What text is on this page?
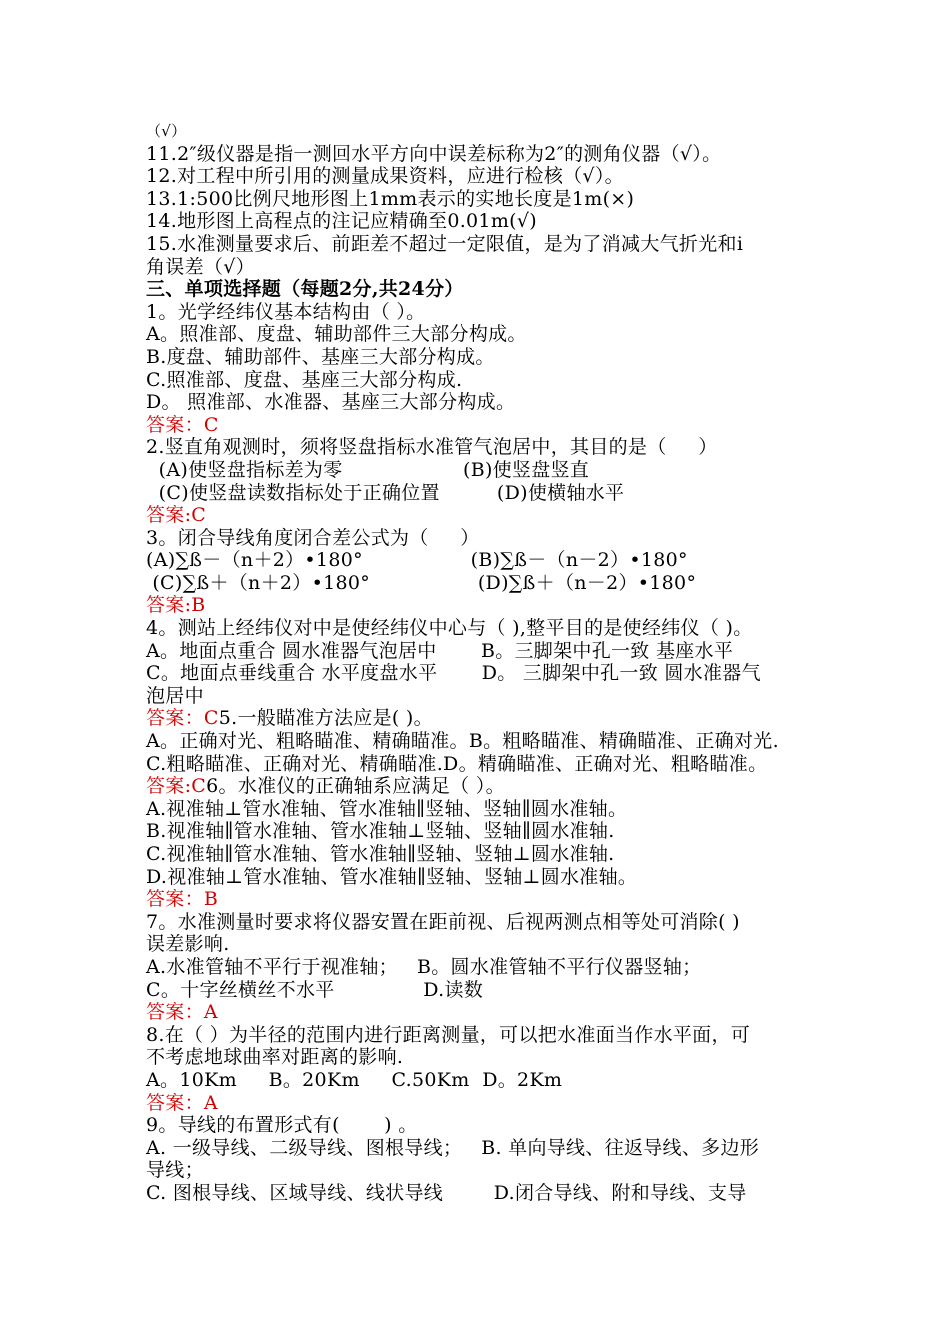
（√）
11.2″级仪器是指一测回水平方向中误差标称为2″的测角仪器（√）。
12.对工程中所引用的测量成果资料，应进行检核（√）。
13.1:500比例尺地形图上1mm表示的实地长度是1m(×)
14.地形图上高程点的注记应精确至0.01m(√)
15.水准测量要求后、前距差不超过一定限值，是为了消减大气折光和i
角误差（√）
三、单项选择题（每题2分,共24分）
1。光学经纬仪基本结构由（ ）。
A。照准部、度盘、辅助部件三大部分构成。
B.度盘、辅助部件、基座三大部分构成。
C.照准部、度盘、基座三大部分构成.
D。 照准部、水准器、基座三大部分构成。
答案：C
2.竖直角观测时，须将竖盘指标水准管气泡居中，其目的是（     ）
(A)使竖盘指标差为零                   (B)使竖盘竖直
(C)使竖盘读数指标处于正确位置         (D)使横轴水平
答案:C
3。闭合导线角度闭合差公式为（     ）
(A)∑ß－（n＋2）•180°                 (B)∑ß－（n－2）•180°
(C)∑ß＋（n＋2）•180°                 (D)∑ß＋（n－2）•180°
答案:B
4。测站上经纬仪对中是使经纬仪中心与（ ),整平目的是使经纬仪（ )。
A。地面点重合 圆水准器气泡居中       B。三脚架中孔一致 基座水平
C。地面点垂线重合 水平度盘水平       D。 三脚架中孔一致 圆水准器气
泡居中
答案：C5.一般瞄准方法应是( )。
A。正确对光、粗略瞄准、精确瞄准。B。粗略瞄准、精确瞄准、正确对光.
C.粗略瞄准、正确对光、精确瞄准.D。精确瞄准、正确对光、粗略瞄准。
答案:C6。水准仪的正确轴系应满足（ ）。
A.视准轴⊥管水准轴、管水准轴∥竖轴、竖轴∥圆水准轴。
B.视准轴∥管水准轴、管水准轴⊥竖轴、竖轴∥圆水准轴.
C.视准轴∥管水准轴、管水准轴∥竖轴、竖轴⊥圆水准轴.
D.视准轴⊥管水准轴、管水准轴∥竖轴、竖轴⊥圆水准轴。
答案：B
7。水准测量时要求将仪器安置在距前视、后视两测点相等处可消除( )
误差影响.
A.水准管轴不平行于视准轴；   B。圆水准管轴不平行仪器竖轴；
C。十字丝横丝不水平              D.读数
答案：A
8.在（ ）为半径的范围内进行距离测量，可以把水准面当作水平面，可
不考虑地球曲率对距离的影响.
A。10Km     B。20Km     C.50Km  D。2Km
答案：A
9。导线的布置形式有(       ) 。
A. 一级导线、二级导线、图根导线；   B. 单向导线、往返导线、多边形
导线；
C. 图根导线、区域导线、线状导线        D.闭合导线、附和导线、支导
